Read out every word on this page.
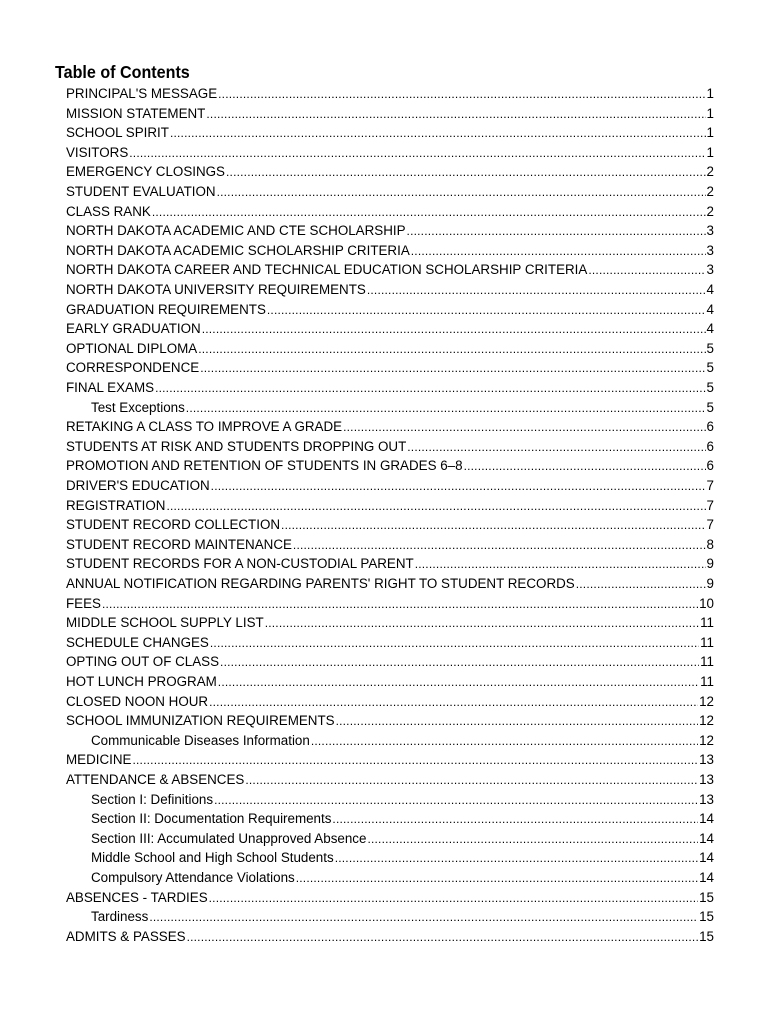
Table of Contents
PRINCIPAL'S MESSAGE .....	1
MISSION STATEMENT .....	1
SCHOOL SPIRIT .....	1
VISITORS .....	1
EMERGENCY CLOSINGS .....	2
STUDENT EVALUATION .....	2
CLASS RANK .....	2
NORTH DAKOTA ACADEMIC AND CTE SCHOLARSHIP .....	3
NORTH DAKOTA ACADEMIC SCHOLARSHIP CRITERIA .....	3
NORTH DAKOTA CAREER AND TECHNICAL EDUCATION SCHOLARSHIP CRITERIA .....	3
NORTH DAKOTA UNIVERSITY REQUIREMENTS .....	4
GRADUATION REQUIREMENTS .....	4
EARLY GRADUATION .....	4
OPTIONAL DIPLOMA .....	5
CORRESPONDENCE .....	5
FINAL EXAMS .....	5
Test Exceptions .....	5
RETAKING A CLASS TO IMPROVE A GRADE .....	6
STUDENTS AT RISK AND STUDENTS DROPPING OUT .....	6
PROMOTION AND RETENTION OF STUDENTS IN GRADES 6–8 .....	6
DRIVER'S EDUCATION .....	7
REGISTRATION .....	7
STUDENT RECORD COLLECTION .....	7
STUDENT RECORD MAINTENANCE .....	8
STUDENT RECORDS FOR A NON-CUSTODIAL PARENT .....	9
ANNUAL NOTIFICATION REGARDING PARENTS' RIGHT TO STUDENT RECORDS .....	9
FEES .....	10
MIDDLE SCHOOL SUPPLY LIST .....	11
SCHEDULE CHANGES .....	11
OPTING OUT OF CLASS .....	11
HOT LUNCH PROGRAM .....	11
CLOSED NOON HOUR .....	12
SCHOOL IMMUNIZATION REQUIREMENTS .....	12
Communicable Diseases Information .....	12
MEDICINE .....	13
ATTENDANCE & ABSENCES .....	13
Section I: Definitions .....	13
Section II: Documentation Requirements .....	14
Section III: Accumulated Unapproved Absence .....	14
Middle School and High School Students .....	14
Compulsory Attendance Violations .....	14
ABSENCES - TARDIES .....	15
Tardiness .....	15
ADMITS & PASSES .....	15
